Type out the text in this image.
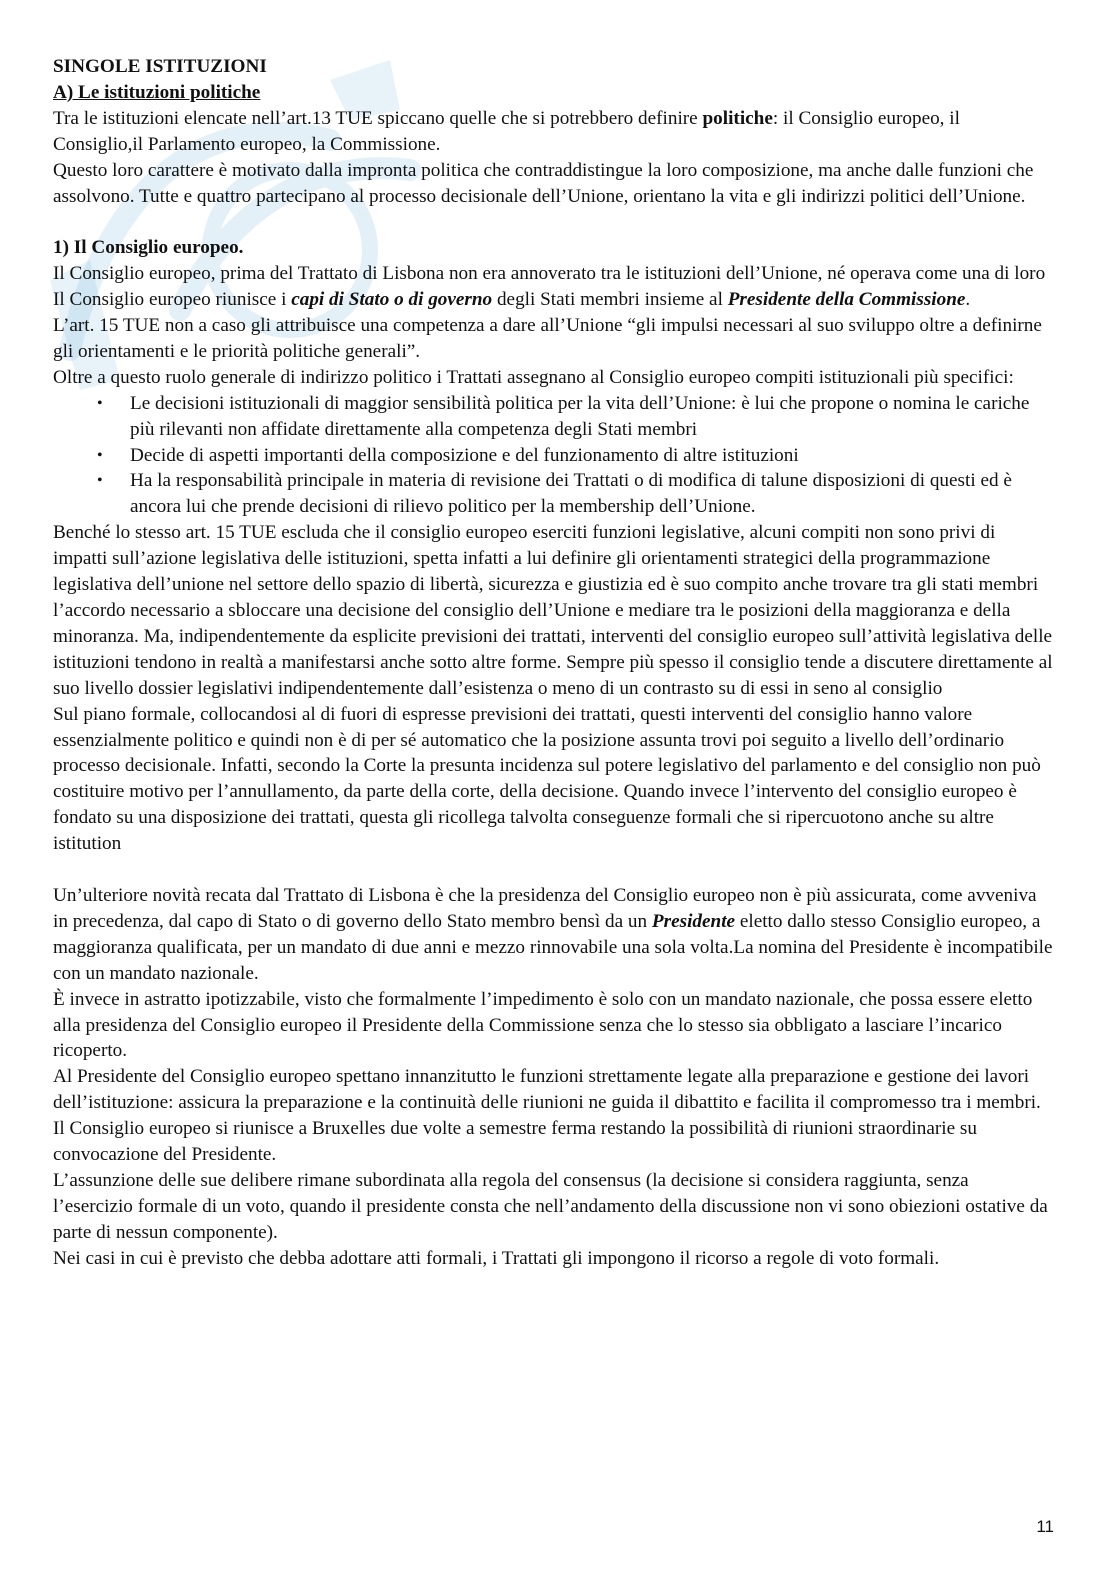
SINGOLE ISTITUZIONI

A) Le istituzioni politiche

Tra le istituzioni elencate nell’art.13 TUE spiccano quelle che si potrebbero definire politiche: il Consiglio europeo, il Consiglio,il Parlamento europeo, la Commissione.

Questo loro carattere è motivato dalla impronta politica che contraddistingue la loro composizione, ma anche dalle funzioni che assolvono. Tutte e quattro partecipano al processo decisionale dell’Unione, orientano la vita e gli indirizzi politici dell’Unione.

1) Il Consiglio europeo.

Il Consiglio europeo, prima del Trattato di Lisbona non era annoverato tra le istituzioni dell’Unione, né operava come una di loro

Il Consiglio europeo riunisce i capi di Stato o di governo degli Stati membri insieme al Presidente della Commissione.

L’art. 15 TUE non a caso gli attribuisce una competenza a dare all’Unione “gli impulsi necessari al suo sviluppo oltre a definirne gli orientamenti e le priorità politiche generali”.

Oltre a questo ruolo generale di indirizzo politico i Trattati assegnano al Consiglio europeo compiti istituzionali più specifici:

• Le decisioni istituzionali di maggior sensibilità politica per la vita dell’Unione: è lui che propone o nomina le cariche più rilevanti non affidate direttamente alla competenza degli Stati membri
• Decide di aspetti importanti della composizione e del funzionamento di altre istituzioni
• Ha la responsabilità principale in materia di revisione dei Trattati o di modifica di talune disposizioni di questi ed è ancora lui che prende decisioni di rilievo politico per la membership dell’Unione.

Benché lo stesso art. 15 TUE escluda che il consiglio europeo eserciti funzioni legislative, alcuni compiti non sono privi di impatti sull’azione legislativa delle istituzioni, spetta infatti a lui definire gli orientamenti strategici della programmazione legislativa dell’unione nel settore dello spazio di libertà, sicurezza e giustizia ed è suo compito anche trovare tra gli stati membri l’accordo necessario a sbloccare una decisione del consiglio dell’Unione e mediare tra le posizioni della maggioranza e della minoranza. Ma, indipendentemente da esplicite previsioni dei trattati, interventi del consiglio europeo sull’attività legislativa delle istituzioni tendono in realtà a manifestarsi anche sotto altre forme. Sempre più spesso il consiglio tende a discutere direttamente al suo livello dossier legislativi indipendentemente dall’esistenza o meno di un contrasto su di essi in seno al consiglio

Sul piano formale, collocandosi al di fuori di espresse previsioni dei trattati, questi interventi del consiglio hanno valore essenzialmente politico e quindi non è di per sé automatico che la posizione assunta trovi poi seguito a livello dell’ordinario processo decisionale. Infatti, secondo la Corte la presunta incidenza sul potere legislativo del parlamento e del consiglio non può costituire motivo per l’annullamento, da parte della corte, della decisione. Quando invece l’intervento del consiglio europeo è fondato su una disposizione dei trattati, questa gli ricollega talvolta conseguenze formali che si ripercuotono anche su altre istitution

Un’ulteriore novità recata dal Trattato di Lisbona è che la presidenza del Consiglio europeo non è più assicurata, come avveniva in precedenza, dal capo di Stato o di governo dello Stato membro bensì da un Presidente eletto dallo stesso Consiglio europeo, a maggioranza qualificata, per un mandato di due anni e mezzo rinnovabile una sola volta.La nomina del Presidente è incompatibile con un mandato nazionale.

È invece in astratto ipotizzabile, visto che formalmente l’impedimento è solo con un mandato nazionale, che possa essere eletto alla presidenza del Consiglio europeo il Presidente della Commissione senza che lo stesso sia obbligato a lasciare l’incarico ricoperto.

Al Presidente del Consiglio europeo spettano innanzitutto le funzioni strettamente legate alla preparazione e gestione dei lavori dell’istituzione: assicura la preparazione e la continuità delle riunioni ne guida il dibattito e facilita il compromesso tra i membri.

Il Consiglio europeo si riunisce a Bruxelles due volte a semestre ferma restando la possibilità di riunioni straordinarie su convocazione del Presidente.

L’assunzione delle sue delibere rimane subordinata alla regola del consensus (la decisione si considera raggiunta, senza l’esercizio formale di un voto, quando il presidente consta che nell’andamento della discussione non vi sono obiezioni ostative da parte di nessun componente).

Nei casi in cui è previsto che debba adottare atti formali, i Trattati gli impongono il ricorso a regole di voto formali.

11
